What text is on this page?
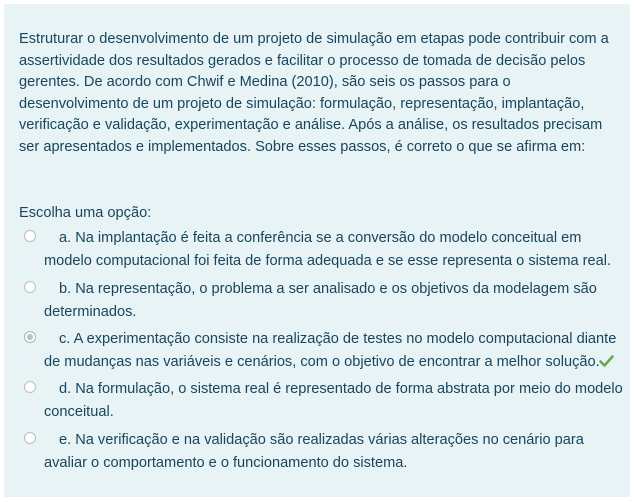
Estruturar o desenvolvimento de um projeto de simulação em etapas pode contribuir com a assertividade dos resultados gerados e facilitar o processo de tomada de decisão pelos gerentes. De acordo com Chwif e Medina (2010), são seis os passos para o desenvolvimento de um projeto de simulação: formulação, representação, implantação, verificação e validação, experimentação e análise. Após a análise, os resultados precisam ser apresentados e implementados. Sobre esses passos, é correto o que se afirma em:

Escolha uma opção:
a. Na implantação é feita a conferência se a conversão do modelo conceitual em modelo computacional foi feita de forma adequada e se esse representa o sistema real.
b. Na representação, o problema a ser analisado e os objetivos da modelagem são determinados.
c. A experimentação consiste na realização de testes no modelo computacional diante de mudanças nas variáveis e cenários, com o objetivo de encontrar a melhor solução.
d. Na formulação, o sistema real é representado de forma abstrata por meio do modelo conceitual.
e. Na verificação e na validação são realizadas várias alterações no cenário para avaliar o comportamento e o funcionamento do sistema.
